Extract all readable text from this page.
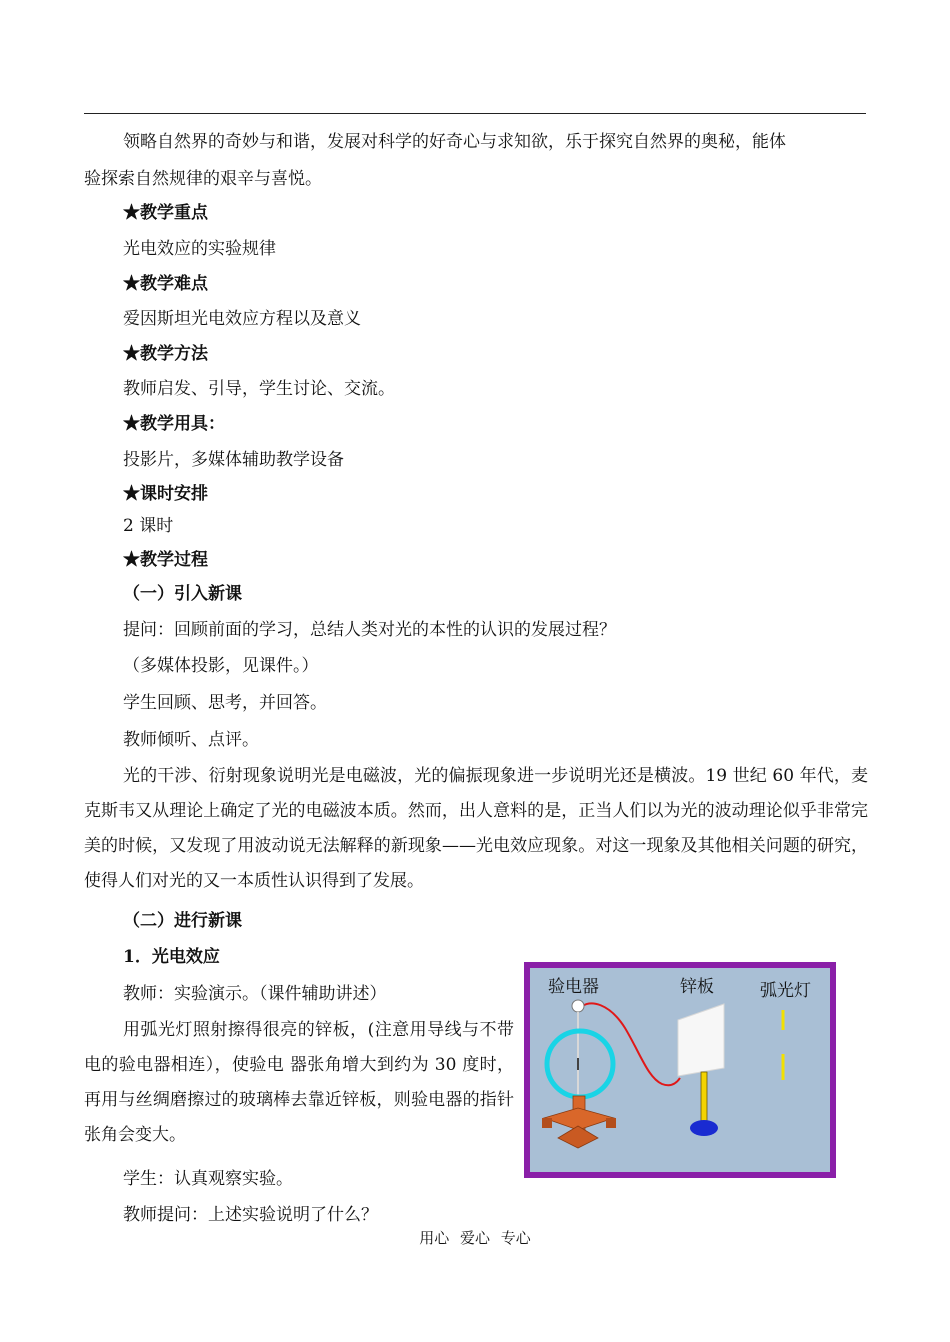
领略自然界的奇妙与和谐，发展对科学的好奇心与求知欲，乐于探究自然界的奥秘，能体

验探索自然规律的艰辛与喜悦。

★教学重点

光电效应的实验规律

★教学难点

爱因斯坦光电效应方程以及意义

★教学方法

教师启发、引导，学生讨论、交流。

★教学用具：

投影片，多媒体辅助教学设备

★课时安排

2 课时

★教学过程

（一）引入新课

提问：回顾前面的学习，总结人类对光的本性的认识的发展过程？

（多媒体投影，见课件。）

学生回顾、思考，并回答。

教师倾听、点评。

光的干涉、衍射现象说明光是电磁波，光的偏振现象进一步说明光还是横波。19 世纪 60 年代，麦克斯韦又从理论上确定了光的电磁波本质。然而，出人意料的是，正当人们以为光的波动理论似乎非常完美的时候，又发现了用波动说无法解释的新现象——光电效应现象。对这一现象及其他相关问题的研究，使得人们对光的又一本质性认识得到了发展。

（二）进行新课

1．光电效应

教师：实验演示。（课件辅助讲述）

用弧光灯照射擦得很亮的锌板，(注意用导线与不带电的验电器相连），使验电 器张角增大到约为 30 度时，再用与丝绸磨擦过的玻璃棒去靠近锌板，则验电器的指针张角会变大。

学生：认真观察实验。

教师提问：上述实验说明了什么？

验电器	锌板	弧光灯
用心 爱心 专心
